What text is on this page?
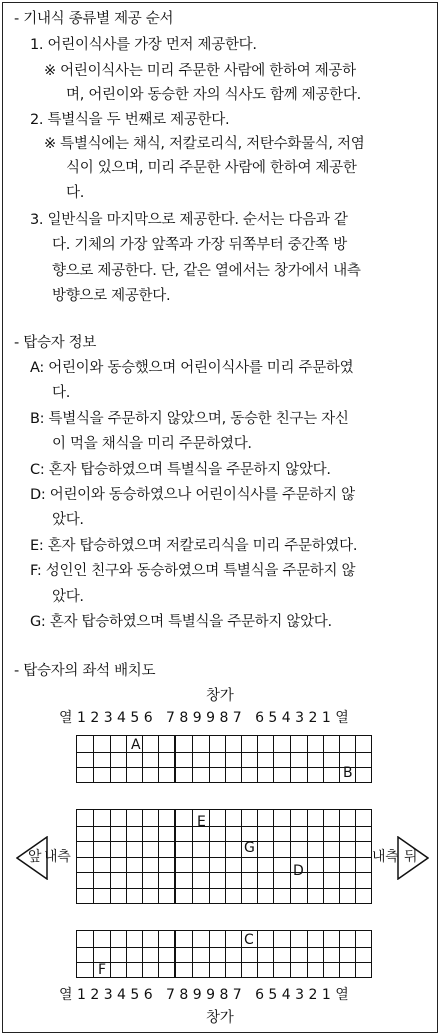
- 기내식 종류별 제공 순서
1. 어린이식사를 가장 먼저 제공한다.
※ 어린이식사는 미리 주문한 사람에 한하여 제공하
며, 어린이와 동승한 자의 식사도 함께 제공한다.
2. 특별식을 두 번째로 제공한다.
※ 특별식에는 채식, 저칼로리식, 저탄수화물식, 저염
식이 있으며, 미리 주문한 사람에 한하여 제공한
다.
3. 일반식을 마지막으로 제공한다. 순서는 다음과 같
다. 기체의 가장 앞쪽과 가장 뒤쪽부터 중간쪽 방
향으로 제공한다. 단, 같은 열에서는 창가에서 내측
방향으로 제공한다.
- 탑승자 정보
A: 어린이와 동승했으며 어린이식사를 미리 주문하였
다.
B: 특별식을 주문하지 않았으며, 동승한 친구는 자신
이 먹을 채식을 미리 주문하였다.
C: 혼자 탑승하였으며 특별식을 주문하지 않았다.
D: 어린이와 동승하였으나 어린이식사를 주문하지 않
았다.
E: 혼자 탑승하였으며 저칼로리식을 미리 주문하였다.
F: 성인인 친구와 동승하였으며 특별식을 주문하지 않
았다.
G: 혼자 탑승하였으며 특별식을 주문하지 않았다.
- 탑승자의 좌석 배치도
창가
열 1 2 3 4 5 6   7 8 9 9 8 7   6 5 4 3 2 1 열
열 1 2 3 4 5 6   7 8 9 9 8 7   6 5 4 3 2 1 열
창가
A
B
E
G
D
C
F
앞 내측	내측 뒤
